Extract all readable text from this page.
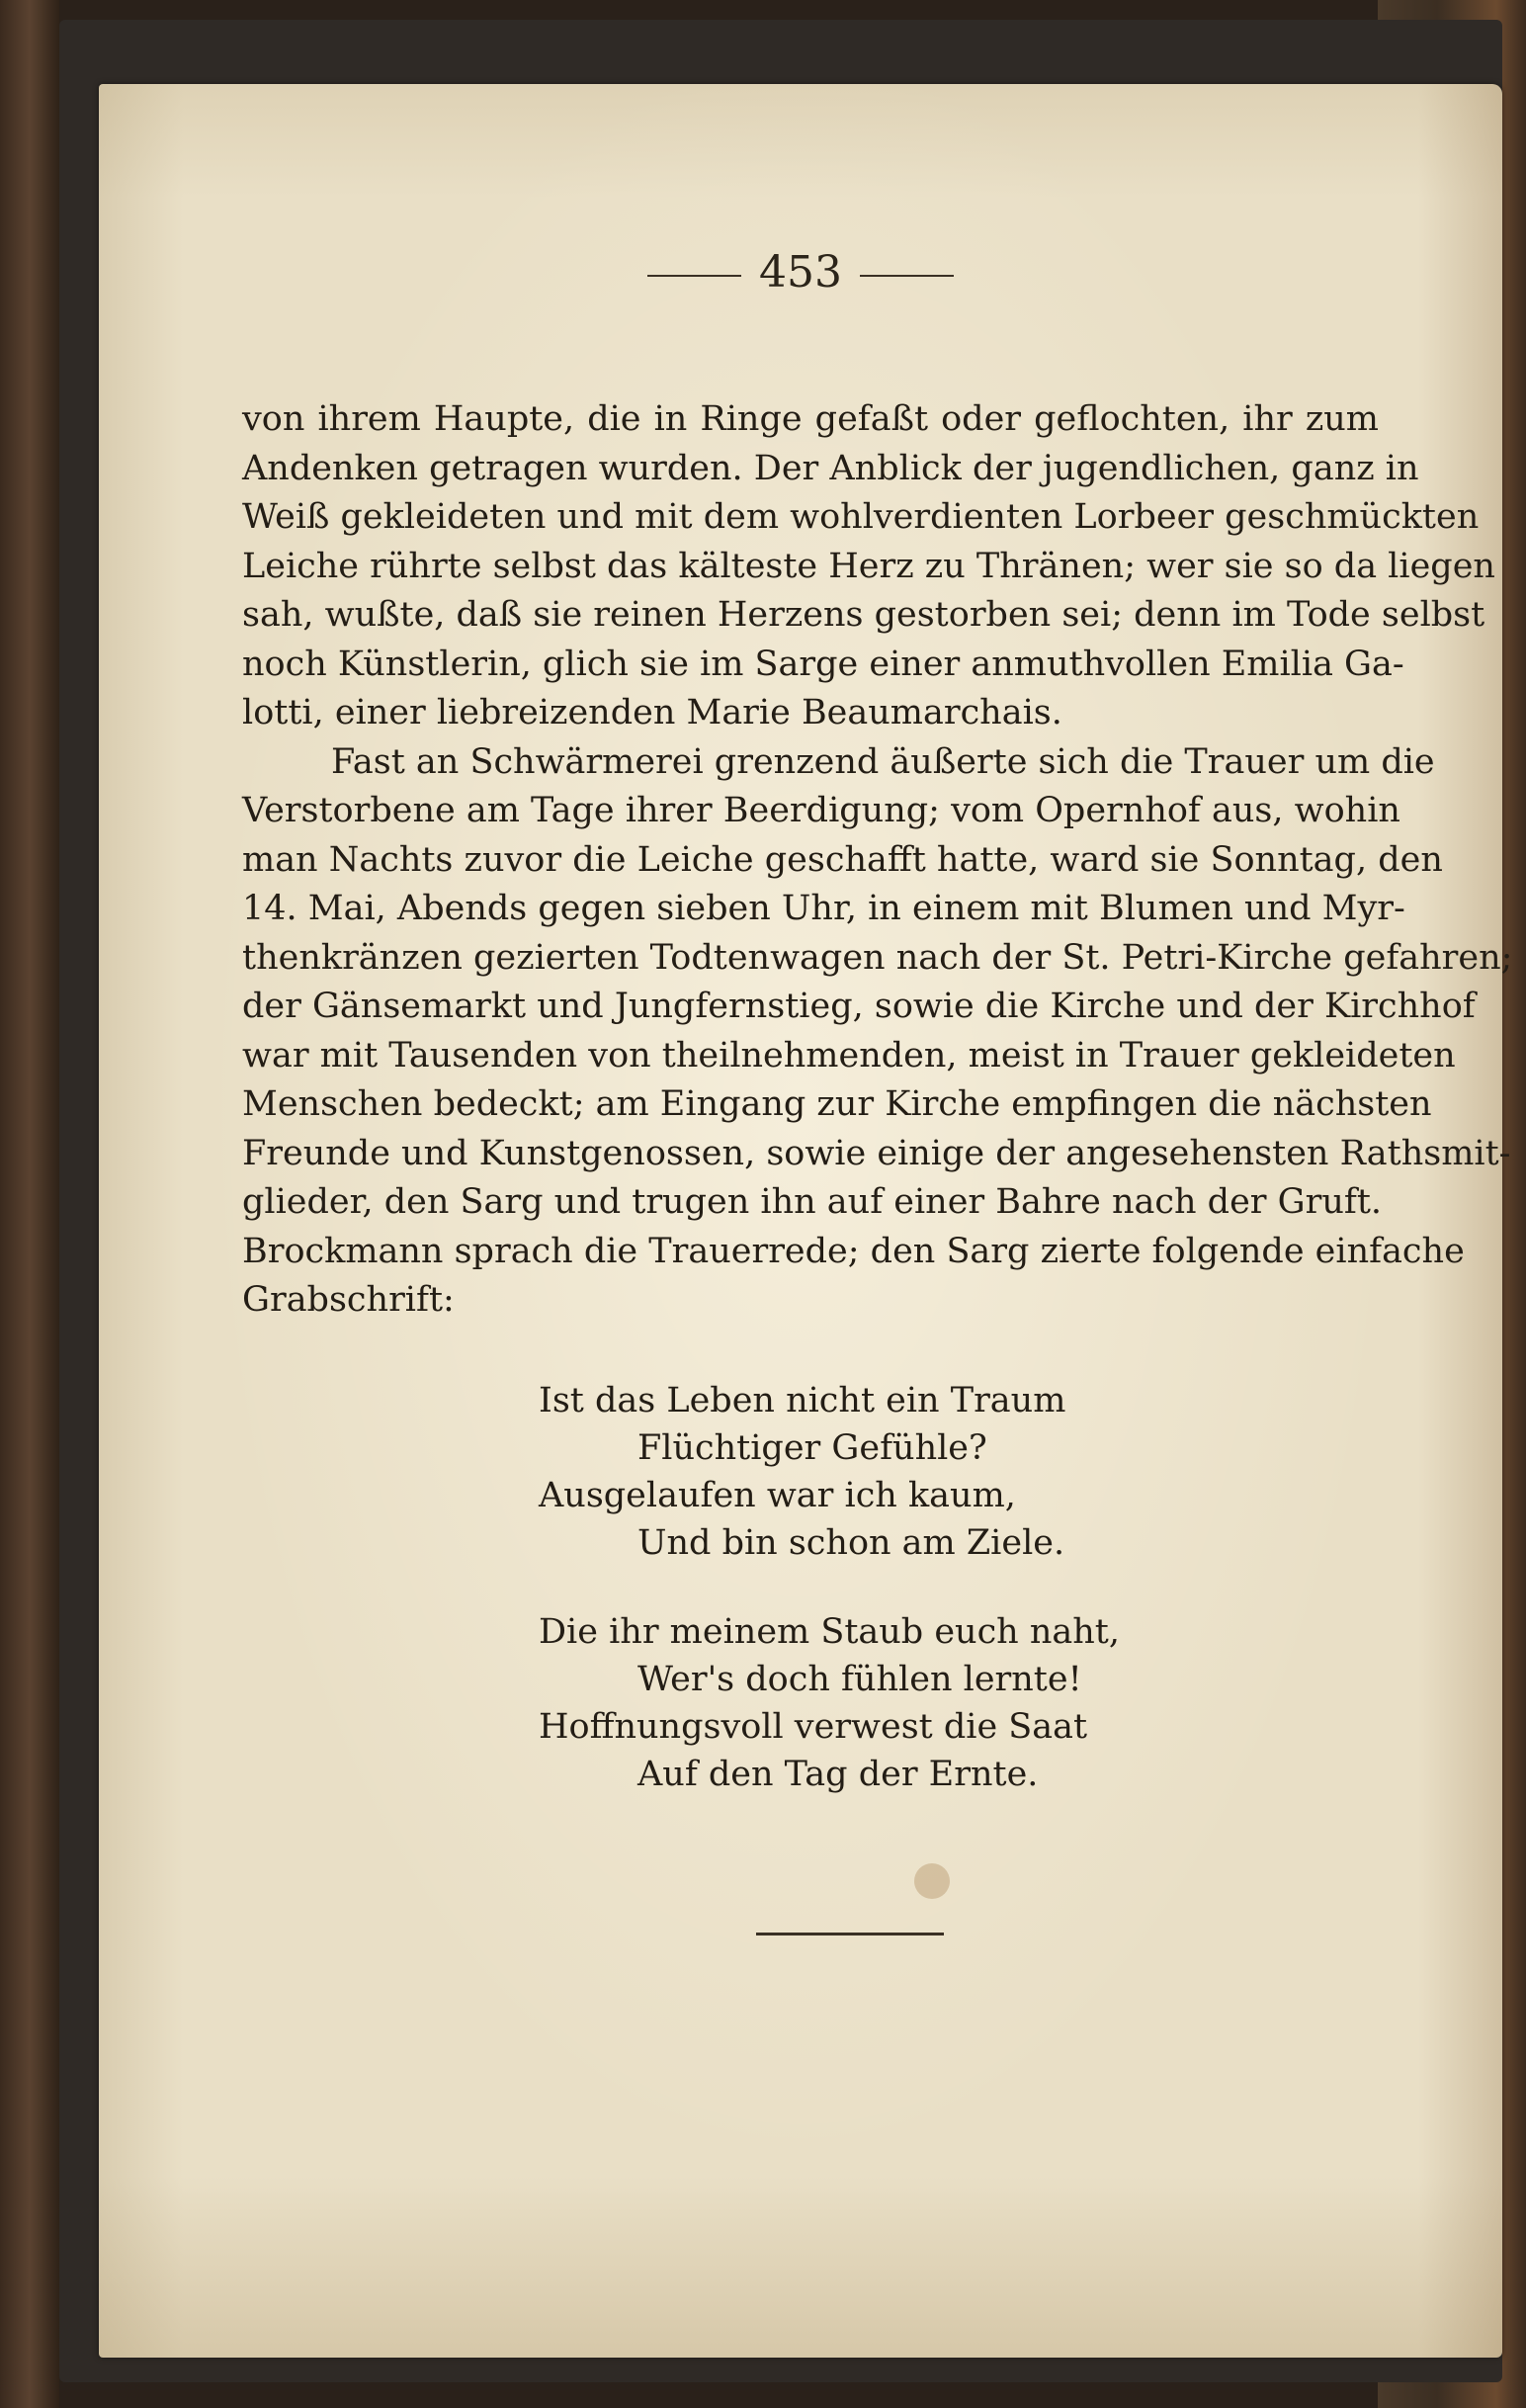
453
von ihrem Haupte, die in Ringe gefaßt oder geflochten, ihr zum
Andenken getragen wurden. Der Anblick der jugendlichen, ganz in
Weiß gekleideten und mit dem wohlverdienten Lorbeer geschmückten
Leiche rührte selbst das kälteste Herz zu Thränen; wer sie so da liegen
sah, wußte, daß sie reinen Herzens gestorben sei; denn im Tode selbst
noch Künstlerin, glich sie im Sarge einer anmuthvollen Emilia Ga-
lotti, einer liebreizenden Marie Beaumarchais.
Fast an Schwärmerei grenzend äußerte sich die Trauer um die
Verstorbene am Tage ihrer Beerdigung; vom Opernhof aus, wohin
man Nachts zuvor die Leiche geschafft hatte, ward sie Sonntag, den
14. Mai, Abends gegen sieben Uhr, in einem mit Blumen und Myr-
thenkränzen gezierten Todtenwagen nach der St. Petri-Kirche gefahren;
der Gänsemarkt und Jungfernstieg, sowie die Kirche und der Kirchhof
war mit Tausenden von theilnehmenden, meist in Trauer gekleideten
Menschen bedeckt; am Eingang zur Kirche empfingen die nächsten
Freunde und Kunstgenossen, sowie einige der angesehensten Rathsmit-
glieder, den Sarg und trugen ihn auf einer Bahre nach der Gruft.
Brockmann sprach die Trauerrede; den Sarg zierte folgende einfache
Grabschrift:
Ist das Leben nicht ein Traum
Flüchtiger Gefühle?
Ausgelaufen war ich kaum,
Und bin schon am Ziele.
Die ihr meinem Staub euch naht,
Wer's doch fühlen lernte!
Hoffnungsvoll verwest die Saat
Auf den Tag der Ernte.
